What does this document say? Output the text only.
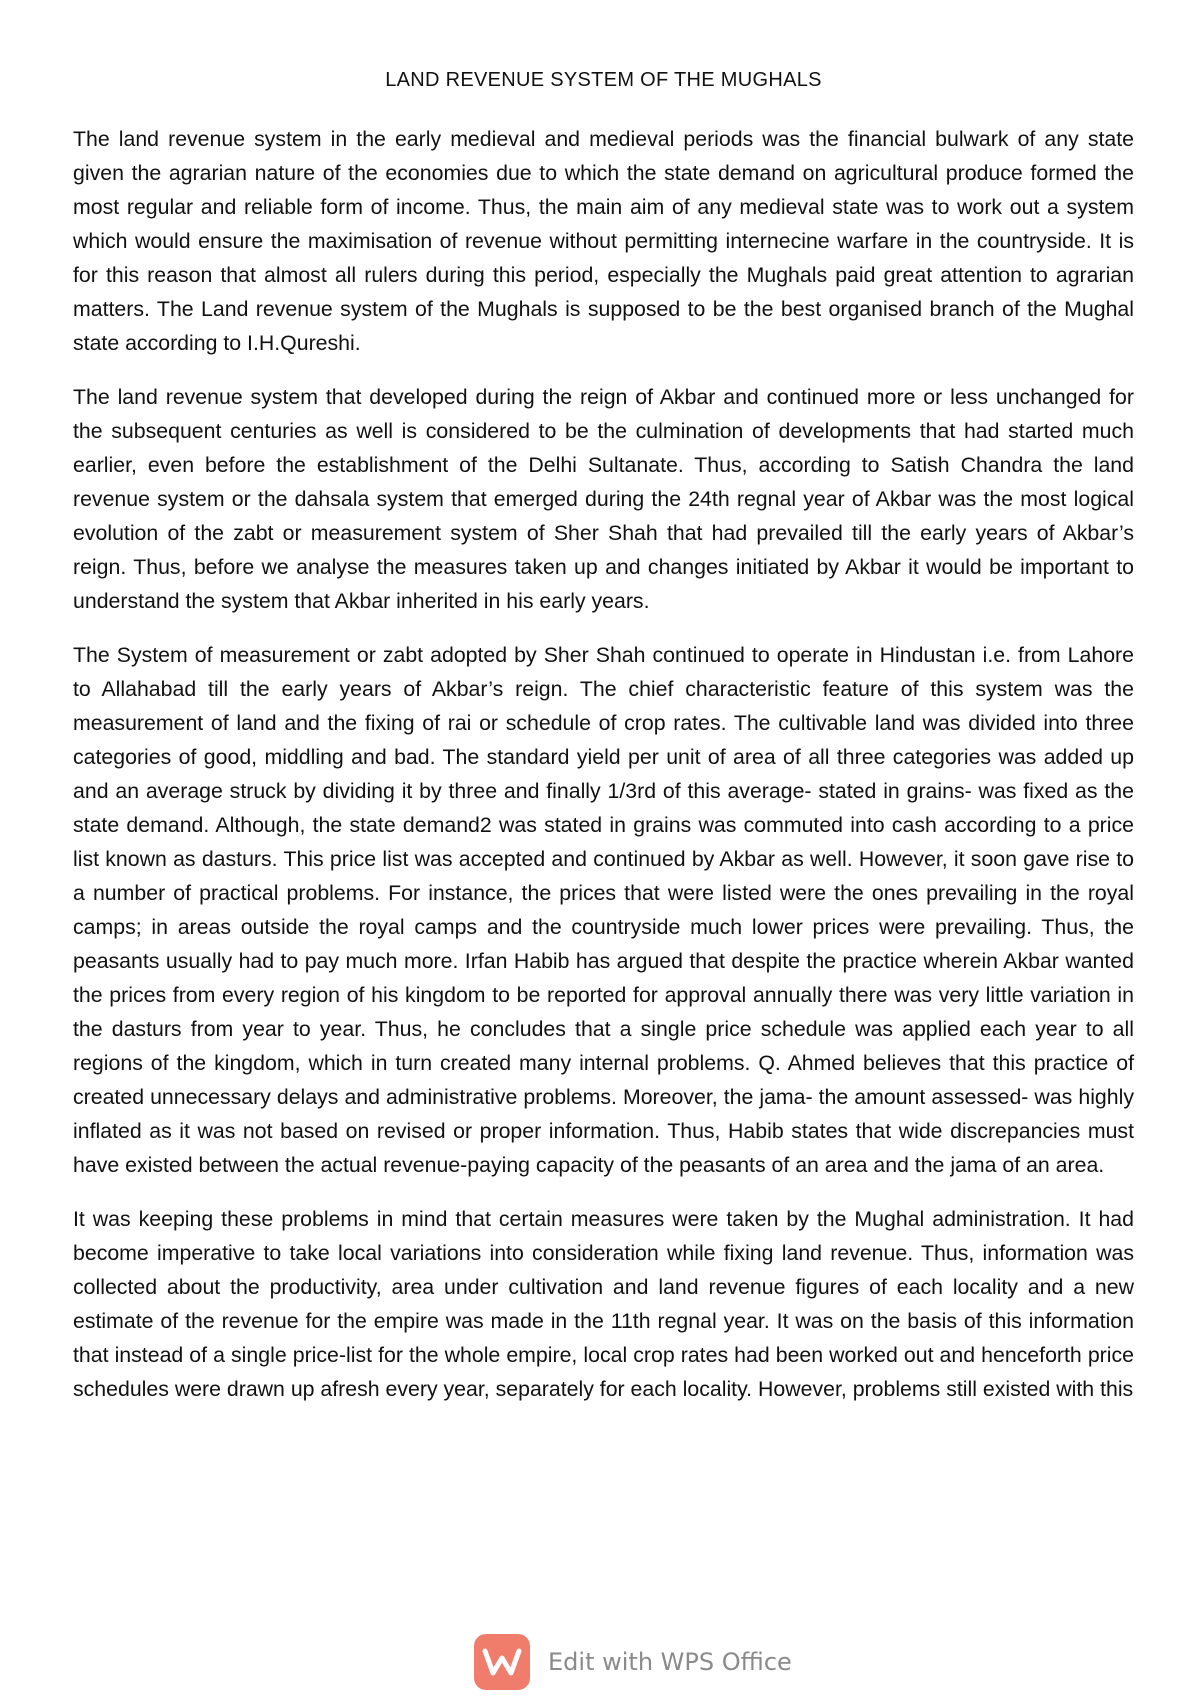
LAND REVENUE SYSTEM OF THE MUGHALS

The land revenue system in the early medieval and medieval periods was the financial bulwark of any state given the agrarian nature of the economies due to which the state demand on agricultural produce formed the most regular and reliable form of income. Thus, the main aim of any medieval state was to work out a system which would ensure the maximisation of revenue without permitting internecine warfare in the countryside. It is for this reason that almost all rulers during this period, especially the Mughals paid great attention to agrarian matters. The Land revenue system of the Mughals is supposed to be the best organised branch of the Mughal state according to I.H.Qureshi.

The land revenue system that developed during the reign of Akbar and continued more or less unchanged for the subsequent centuries as well is considered to be the culmination of developments that had started much earlier, even before the establishment of the Delhi Sultanate. Thus, according to Satish Chandra the land revenue system or the dahsala system that emerged during the 24th regnal year of Akbar was the most logical evolution of the zabt or measurement system of Sher Shah that had prevailed till the early years of Akbar’s reign. Thus, before we analyse the measures taken up and changes initiated by Akbar it would be important to understand the system that Akbar inherited in his early years.

The System of measurement or zabt adopted by Sher Shah continued to operate in Hindustan i.e. from Lahore to Allahabad till the early years of Akbar’s reign. The chief characteristic feature of this system was the measurement of land and the fixing of rai or schedule of crop rates. The cultivable land was divided into three categories of good, middling and bad. The standard yield per unit of area of all three categories was added up and an average struck by dividing it by three and finally 1/3rd of this average- stated in grains- was fixed as the state demand. Although, the state demand2 was stated in grains was commuted into cash according to a price list known as dasturs. This price list was accepted and continued by Akbar as well. However, it soon gave rise to a number of practical problems. For instance, the prices that were listed were the ones prevailing in the royal camps; in areas outside the royal camps and the countryside much lower prices were prevailing. Thus, the peasants usually had to pay much more. Irfan Habib has argued that despite the practice wherein Akbar wanted the prices from every region of his kingdom to be reported for approval annually there was very little variation in the dasturs from year to year. Thus, he concludes that a single price schedule was applied each year to all regions of the kingdom, which in turn created many internal problems. Q. Ahmed believes that this practice of created unnecessary delays and administrative problems. Moreover, the jama- the amount assessed- was highly inflated as it was not based on revised or proper information. Thus, Habib states that wide discrepancies must have existed between the actual revenue-paying capacity of the peasants of an area and the jama of an area.

It was keeping these problems in mind that certain measures were taken by the Mughal administration. It had become imperative to take local variations into consideration while fixing land revenue. Thus, information was collected about the productivity, area under cultivation and land revenue figures of each locality and a new estimate of the revenue for the empire was made in the 11th regnal year. It was on the basis of this information that instead of a single price-list for the whole empire, local crop rates had been worked out and henceforth price schedules were drawn up afresh every year, separately for each locality. However, problems still existed with this

Edit with WPS Office
